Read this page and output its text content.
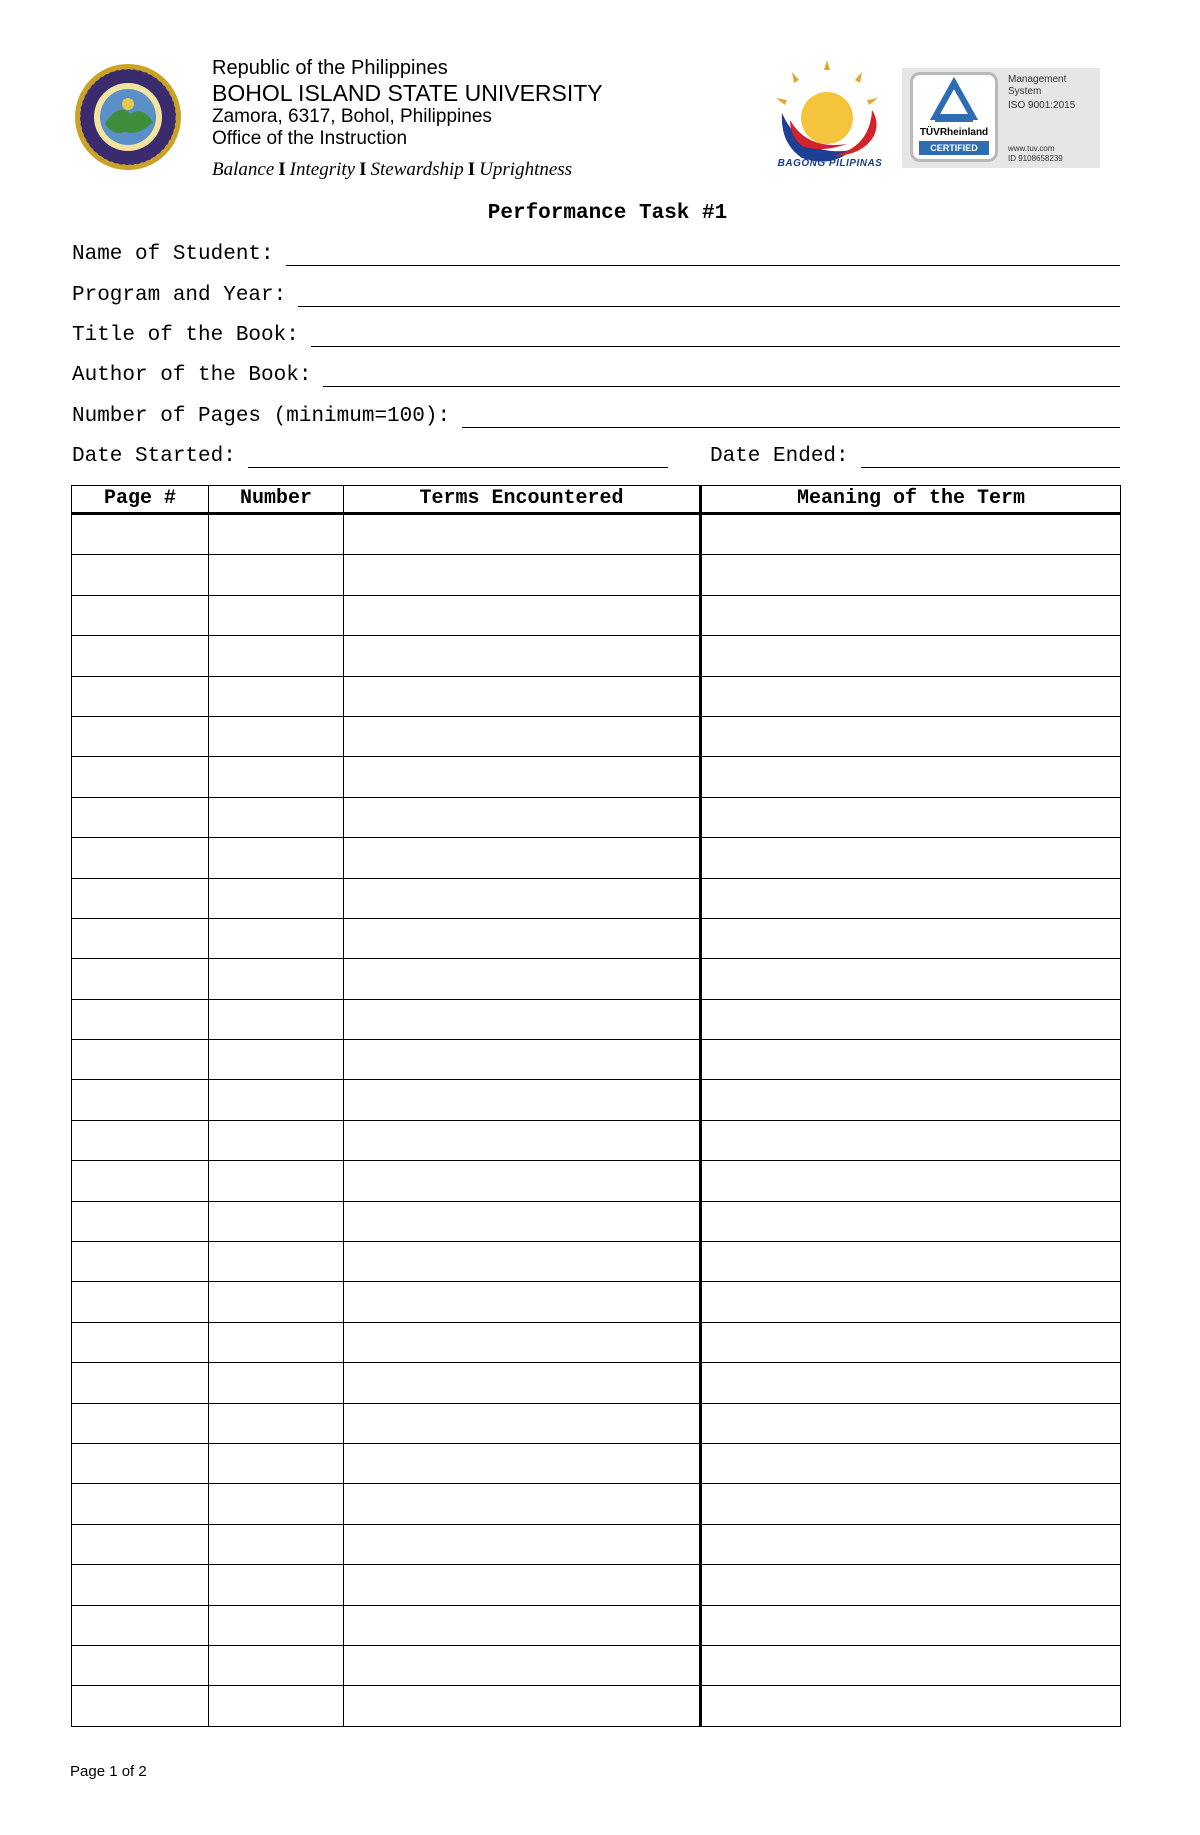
Republic of the Philippines
BOHOL ISLAND STATE UNIVERSITY
Zamora, 6317, Bohol, Philippines
Office of the Instruction
Balance I Integrity I Stewardship I Uprightness	BAGONG PILIPINAS
TÜVRheinland
CERTIFIED
Management
System
ISO 9001:2015
www.tuv.com
ID 9108658239
Performance Task #1
Name of Student:
Program and Year:
Title of the Book:
Author of the Book:
Number of Pages (minimum=100):
Date Started:	Date Ended:
Page #	Number	Terms Encountered	Meaning of the Term

Page 1 of 2
